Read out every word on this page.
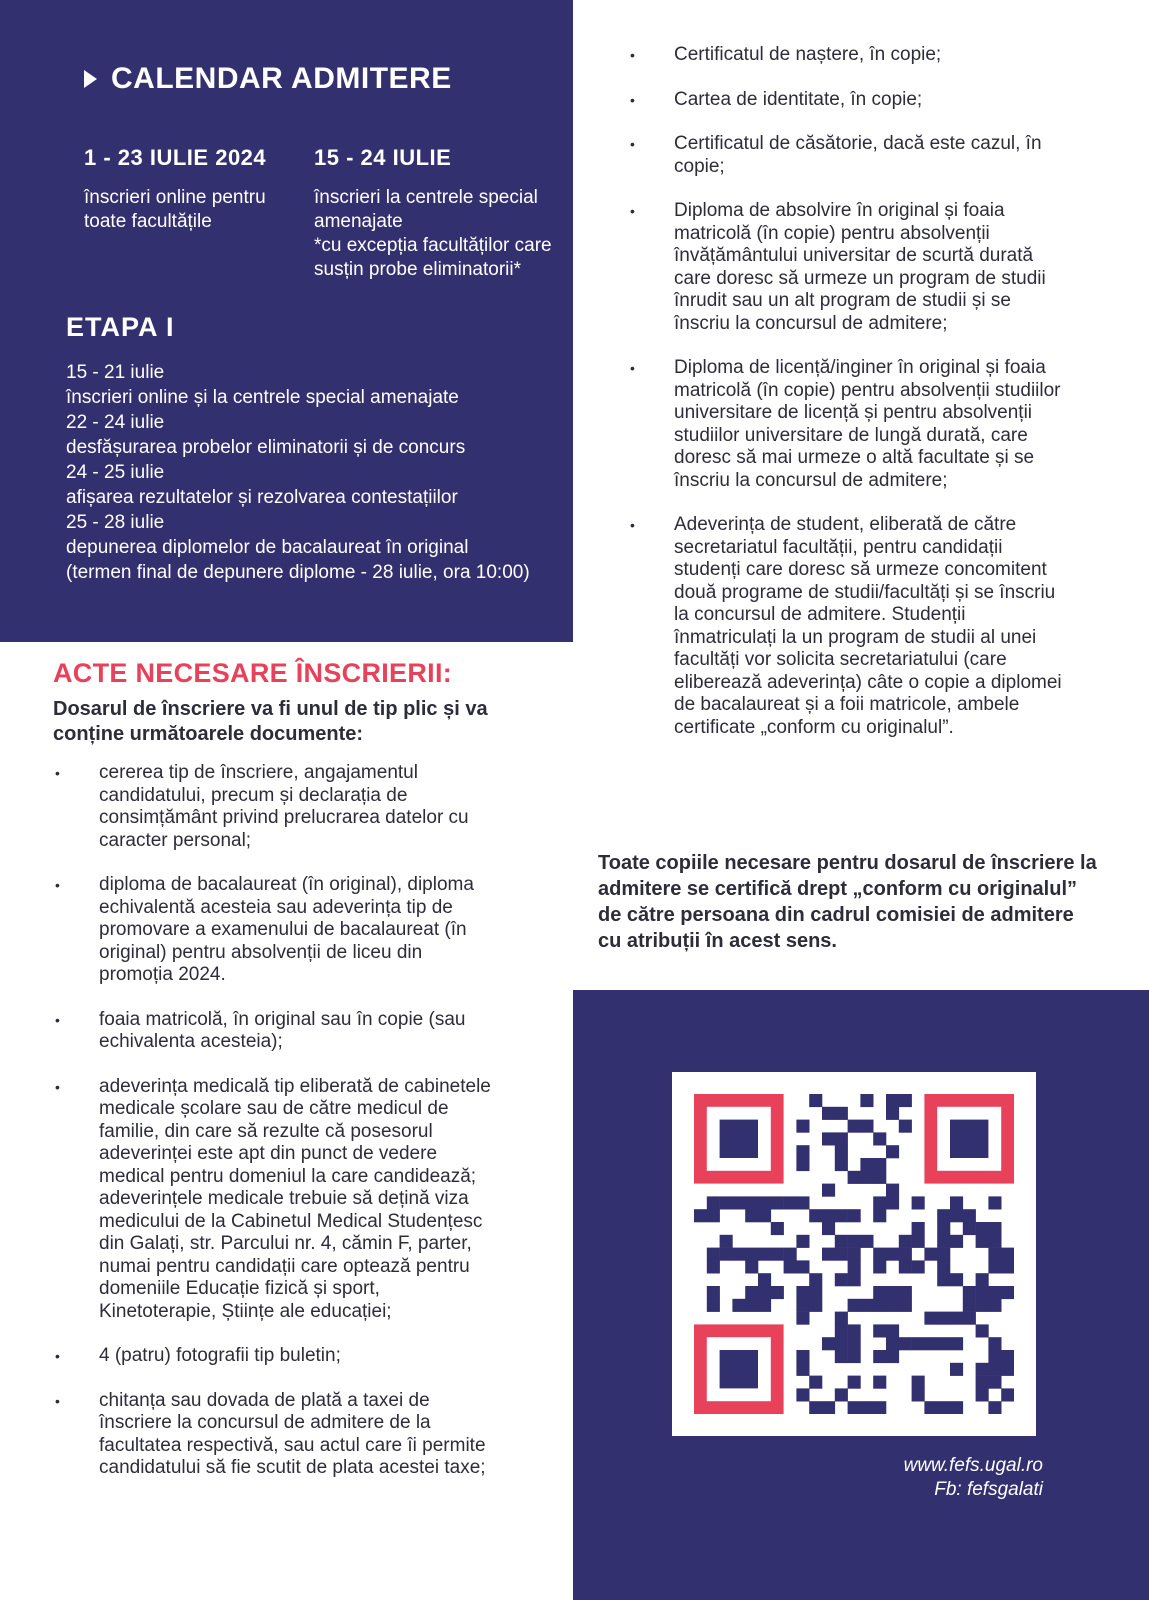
CALENDAR ADMITERE
1 - 23 IULIE 2024
înscrieri online pentru toate facultățile
15 - 24 IULIE
înscrieri la centrele special amenajate
*cu excepția facultăților care susțin probe eliminatorii*
ETAPA I
15 - 21 iulie
înscrieri online și la centrele special amenajate
22 - 24 iulie
desfășurarea probelor eliminatorii și de concurs
24 - 25 iulie
afișarea rezultatelor și rezolvarea contestațiilor
25 - 28 iulie
depunerea diplomelor de bacalaureat în original (termen final de depunere diplome - 28 iulie, ora 10:00)
ACTE NECESARE ÎNSCRIERII:
Dosarul de înscriere va fi unul de tip plic și va conține următoarele documente:
• cererea tip de înscriere, angajamentul candidatului, precum și declarația de consimțământ privind prelucrarea datelor cu caracter personal;
• diploma de bacalaureat (în original), diploma echivalentă acesteia sau adeverința tip de promovare a examenului de bacalaureat (în original) pentru absolvenții de liceu din promoția 2024.
• foaia matricolă, în original sau în copie (sau echivalenta acesteia);
• adeverința medicală tip eliberată de cabinetele medicale școlare sau de către medicul de familie, din care să rezulte că posesorul adeverinței este apt din punct de vedere medical pentru domeniul la care candidează; adeverințele medicale trebuie să dețină viza medicului de la Cabinetul Medical Studențesc din Galați, str. Parcului nr. 4, cămin F, parter, numai pentru candidații care optează pentru domeniile Educație fizică și sport, Kinetoterapie, Științe ale educației;
• 4 (patru) fotografii tip buletin;
• chitanța sau dovada de plată a taxei de înscriere la concursul de admitere de la facultatea respectivă, sau actul care îi permite candidatului să fie scutit de plata acestei taxe;
• Certificatul de naștere, în copie;
• Cartea de identitate, în copie;
• Certificatul de căsătorie, dacă este cazul, în copie;
• Diploma de absolvire în original și foaia matricolă (în copie) pentru absolvenții învățământului universitar de scurtă durată care doresc să urmeze un program de studii înrudit sau un alt program de studii și se înscriu la concursul de admitere;
• Diploma de licență/inginer în original și foaia matricolă (în copie) pentru absolvenții studiilor universitare de licență și pentru absolvenții studiilor universitare de lungă durată, care doresc să mai urmeze o altă facultate și se înscriu la concursul de admitere;
• Adeverința de student, eliberată de către secretariatul facultății, pentru candidații studenți care doresc să urmeze concomitent două programe de studii/facultăți și se înscriu la concursul de admitere. Studenții înmatriculați la un program de studii al unei facultăți vor solicita secretariatului (care eliberează adeverința) câte o copie a diplomei de bacalaureat și a foii matricole, ambele certificate „conform cu originalul”.
Toate copiile necesare pentru dosarul de înscriere la admitere se certifică drept „conform cu originalul” de către persoana din cadrul comisiei de admitere cu atribuții în acest sens.
www.fefs.ugal.ro
Fb: fefsgalati
